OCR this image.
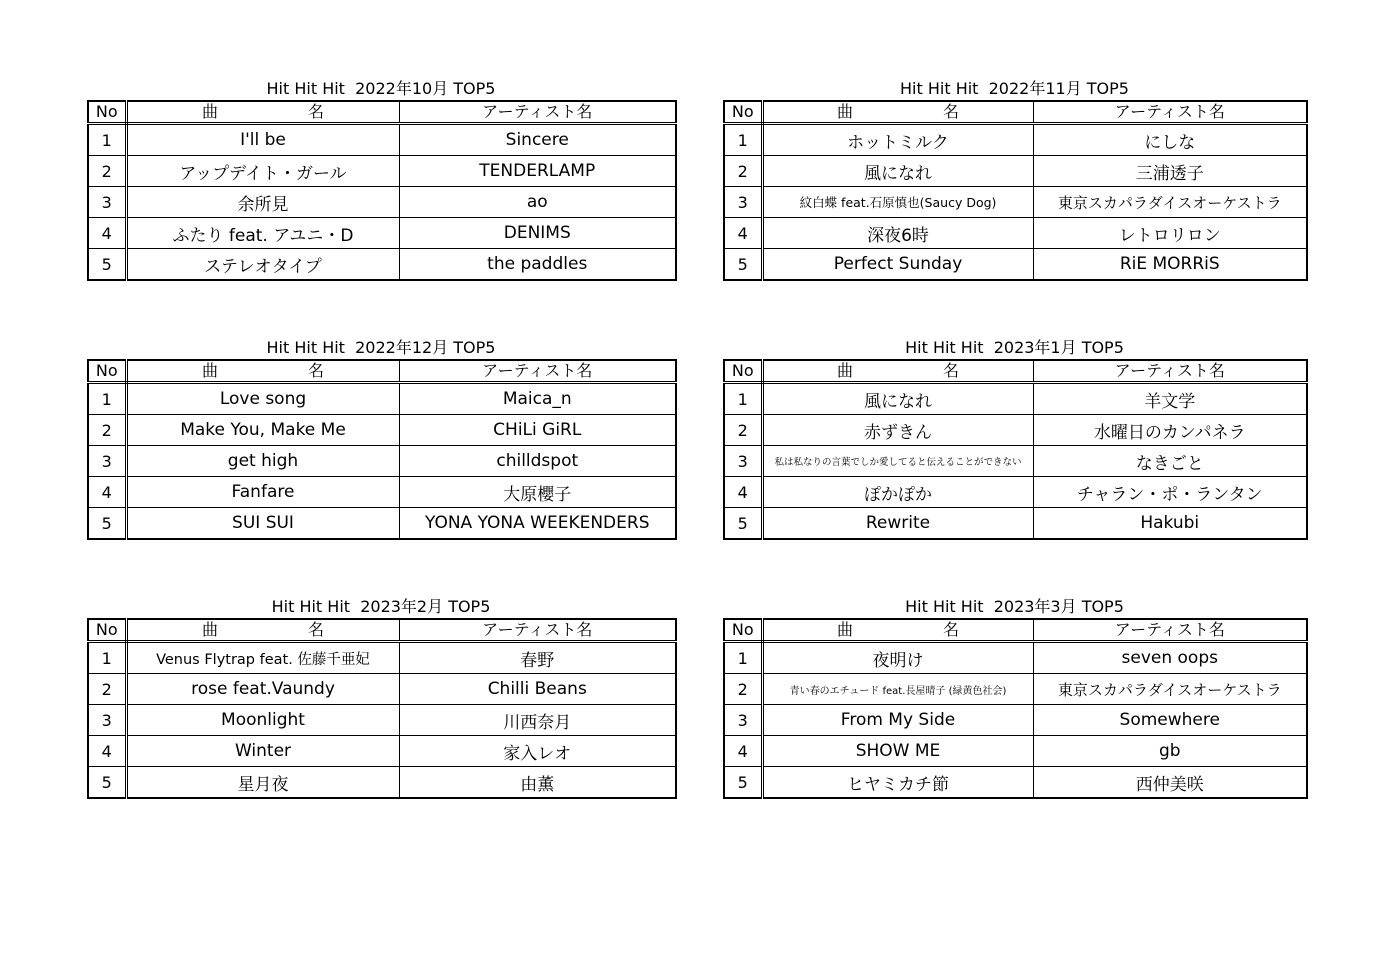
Hit Hit Hit  2022年10月 TOP5
No	曲 名	アーティスト名
1	I'll be	Sincere
2	アップデイト・ガール	TENDERLAMP
3	余所見	ao
4	ふたり feat. アユニ・D	DENIMS
5	ステレオタイプ	the paddles
Hit Hit Hit  2022年12月 TOP5
No	曲 名	アーティスト名
1	Love song	Maica_n
2	Make You, Make Me	CHiLi GiRL
3	get high	chilldspot
4	Fanfare	大原櫻子
5	SUI SUI	YONA YONA WEEKENDERS
Hit Hit Hit  2023年2月 TOP5
No	曲 名	アーティスト名
1	Venus Flytrap feat. 佐藤千亜妃	春野
2	rose feat.Vaundy	Chilli Beans
3	Moonlight	川西奈月
4	Winter	家入レオ
5	星月夜	由薫
Hit Hit Hit  2022年11月 TOP5
No	曲 名	アーティスト名
1	ホットミルク	にしな
2	風になれ	三浦透子
3	紋白蝶 feat.石原慎也(Saucy Dog)	東京スカパラダイスオーケストラ
4	深夜6時	レトロリロン
5	Perfect Sunday	RiE MORRiS
Hit Hit Hit  2023年1月 TOP5
No	曲 名	アーティスト名
1	風になれ	羊文学
2	赤ずきん	水曜日のカンパネラ
3	私は私なりの言葉でしか愛してると伝えることができない	なきごと
4	ぽかぽか	チャラン・ポ・ランタン
5	Rewrite	Hakubi
Hit Hit Hit  2023年3月 TOP5
No	曲 名	アーティスト名
1	夜明け	seven oops
2	青い春のエチュード feat.長屋晴子 (緑黄色社会)	東京スカパラダイスオーケストラ
3	From My Side	Somewhere
4	SHOW ME	gb
5	ヒヤミカチ節	西仲美咲
